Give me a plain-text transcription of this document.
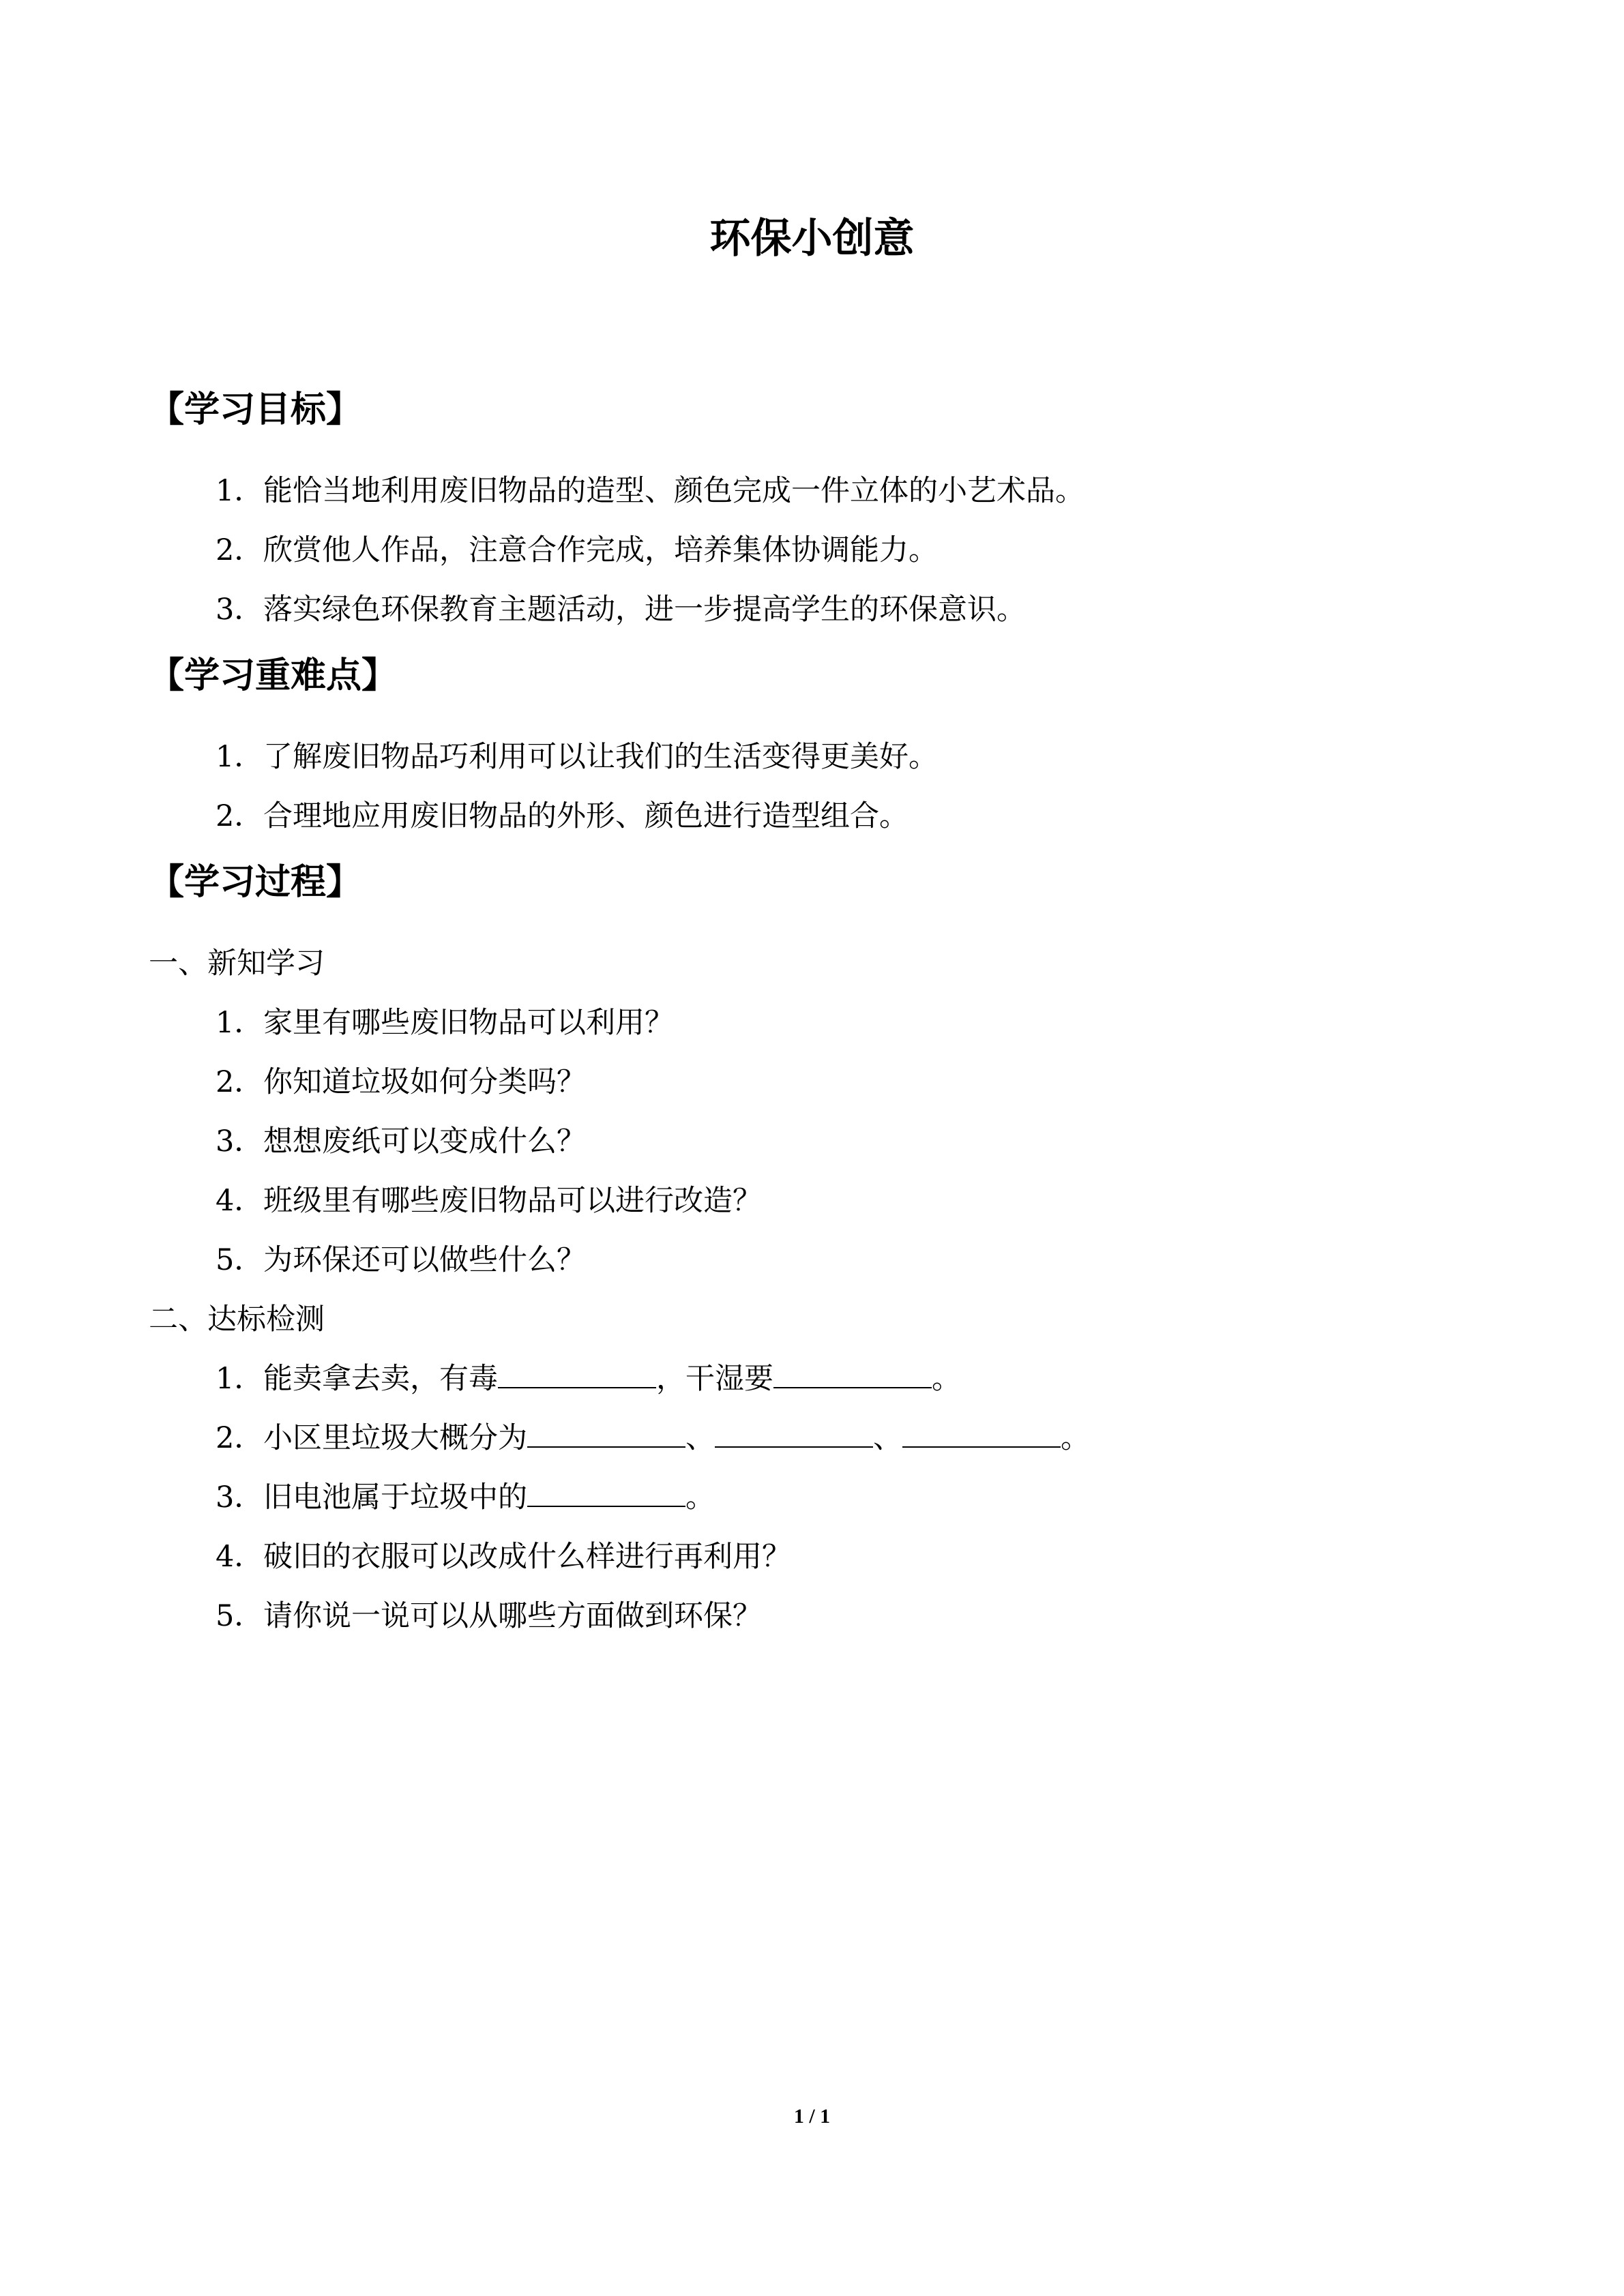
环保小创意
【学习目标】
1．能恰当地利用废旧物品的造型、颜色完成一件立体的小艺术品。
2．欣赏他人作品，注意合作完成，培养集体协调能力。
3．落实绿色环保教育主题活动，进一步提高学生的环保意识。
【学习重难点】
1．了解废旧物品巧利用可以让我们的生活变得更美好。
2．合理地应用废旧物品的外形、颜色进行造型组合。
【学习过程】
一、新知学习
1．家里有哪些废旧物品可以利用？
2．你知道垃圾如何分类吗？
3．想想废纸可以变成什么？
4．班级里有哪些废旧物品可以进行改造？
5．为环保还可以做些什么？
二、达标检测
1．能卖拿去卖，有毒	，干湿要	。
2．小区里垃圾大概分为	、	、	。
3．旧电池属于垃圾中的	。
4．破旧的衣服可以改成什么样进行再利用？
5．请你说一说可以从哪些方面做到环保？
1 / 1
